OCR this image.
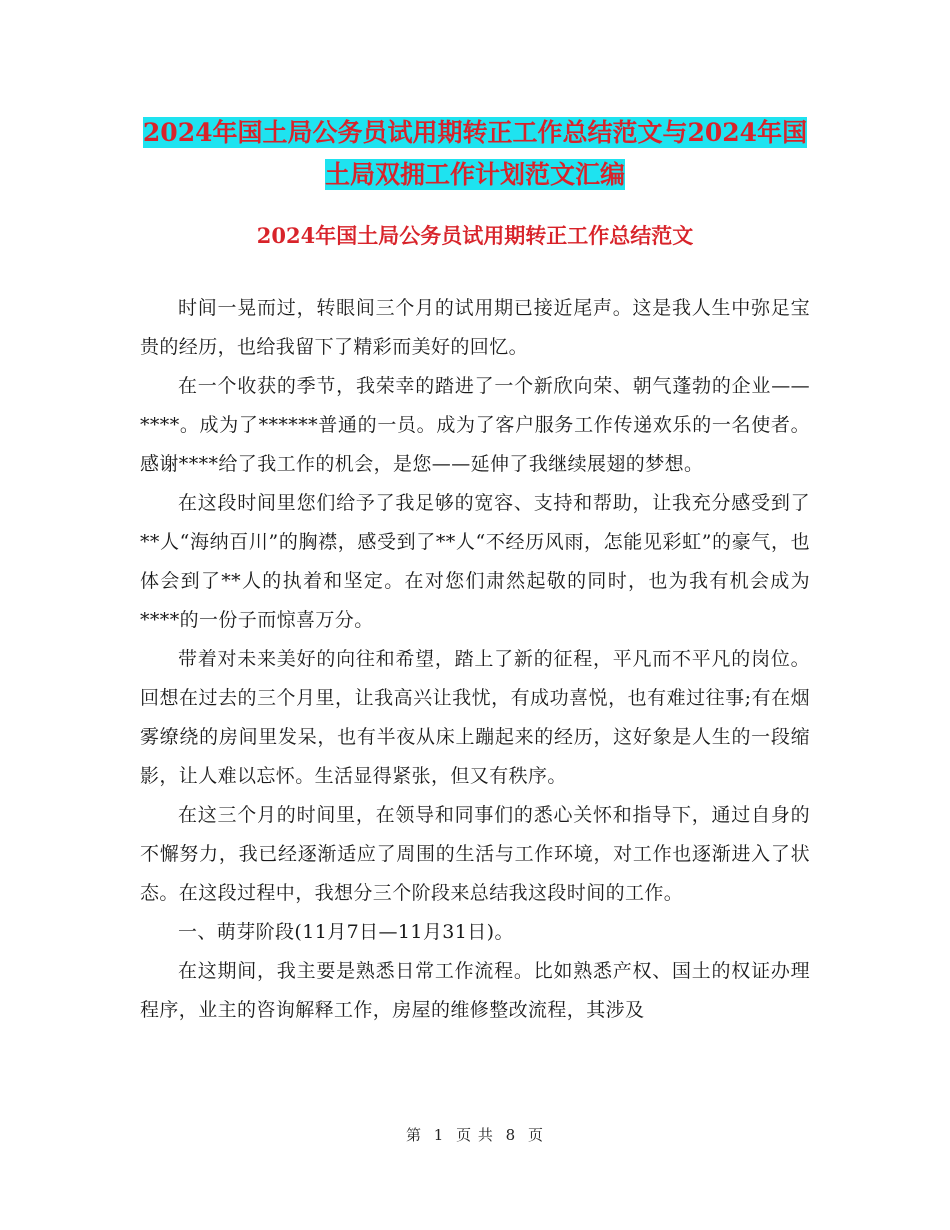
2024年国土局公务员试用期转正工作总结范文与2024年国土局双拥工作计划范文汇编
2024年国土局公务员试用期转正工作总结范文

时间一晃而过，转眼间三个月的试用期已接近尾声。这是我人生中弥足宝贵的经历，也给我留下了精彩而美好的回忆。

在一个收获的季节，我荣幸的踏进了一个新欣向荣、朝气蓬勃的企业——****。成为了******普通的一员。成为了客户服务工作传递欢乐的一名使者。感谢****给了我工作的机会，是您——延伸了我继续展翅的梦想。

在这段时间里您们给予了我足够的宽容、支持和帮助，让我充分感受到了**人“海纳百川”的胸襟，感受到了**人“不经历风雨，怎能见彩虹”的豪气，也体会到了**人的执着和坚定。在对您们肃然起敬的同时，也为我有机会成为****的一份子而惊喜万分。

带着对未来美好的向往和希望，踏上了新的征程，平凡而不平凡的岗位。回想在过去的三个月里，让我高兴让我忧，有成功喜悦，也有难过往事;有在烟雾缭绕的房间里发呆，也有半夜从床上蹦起来的经历，这好象是人生的一段缩影，让人难以忘怀。生活显得紧张，但又有秩序。

在这三个月的时间里，在领导和同事们的悉心关怀和指导下，通过自身的不懈努力，我已经逐渐适应了周围的生活与工作环境，对工作也逐渐进入了状态。在这段过程中，我想分三个阶段来总结我这段时间的工作。

一、萌芽阶段(11月7日—11月31日)。

在这期间，我主要是熟悉日常工作流程。比如熟悉产权、国土的权证办理程序，业主的咨询解释工作，房屋的维修整改流程，其涉及

第 1 页 共 8 页
